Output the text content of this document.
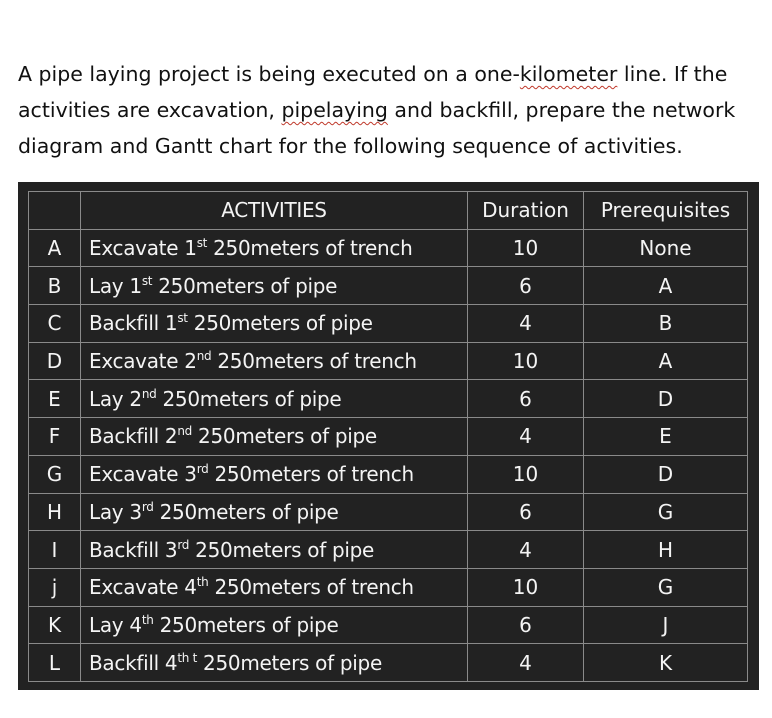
A pipe laying project is being executed on a one-kilometer line. If the

activities are excavation, pipelaying and backfill, prepare the network

diagram and Gantt chart for the following sequence of activities.

	ACTIVITIES	Duration	Prerequisites
A	Excavate 1st 250meters of trench	10	None
B	Lay 1st 250meters of pipe	6	A
C	Backfill 1st 250meters of pipe	4	B
D	Excavate 2nd 250meters of trench	10	A
E	Lay 2nd 250meters of pipe	6	D
F	Backfill 2nd 250meters of pipe	4	E
G	Excavate 3rd 250meters of trench	10	D
H	Lay 3rd 250meters of pipe	6	G
I	Backfill 3rd 250meters of pipe	4	H
j	Excavate 4th 250meters of trench	10	G
K	Lay 4th 250meters of pipe	6	J
L	Backfill $4^{th t}$ 250meters of pipe	4	K
